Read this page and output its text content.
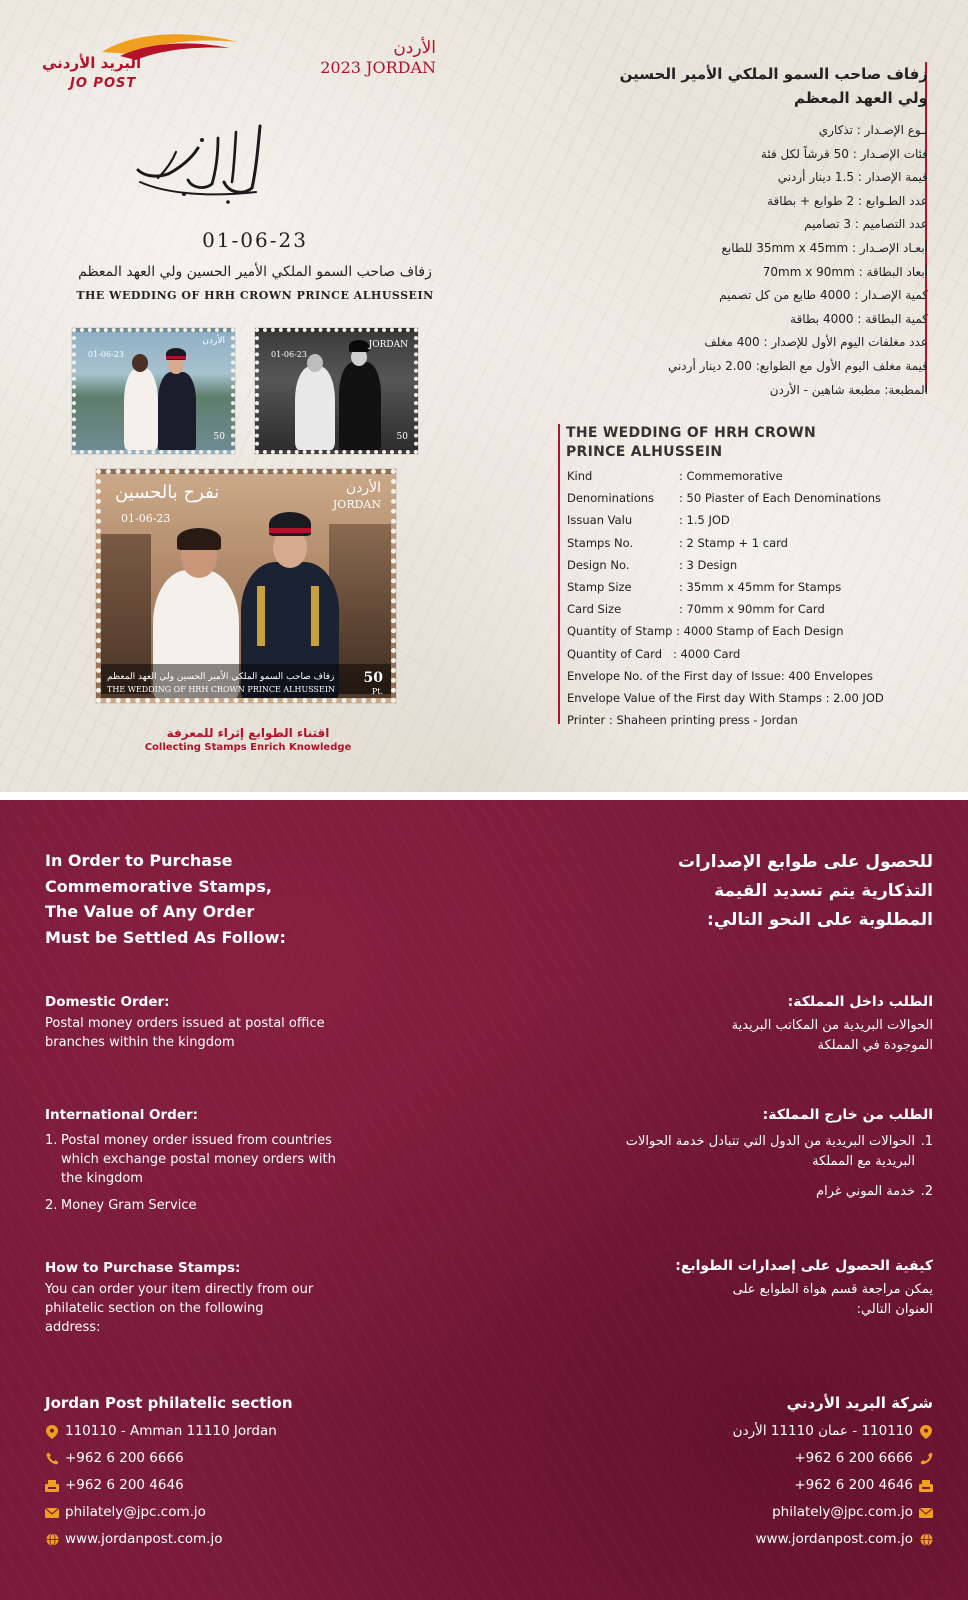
البريد الأردني
JO POST
الأردن
2023 JORDAN
01-06-23
زفاف صاحب السمو الملكي الأمير الحسين ولي العهد المعظم
THE WEDDING OF HRH CROWN PRINCE ALHUSSEIN
الأردن
01-06-23
50
JORDAN
01-06-23
50
نفرح بالحسين
01-06-23
الأردن
JORDAN
زفاف صاحب السمو الملكي الأمير الحسين ولي العهد المعظم
THE WEDDING OF HRH CROWN PRINCE ALHUSSEIN
50
Pt.
اقتناء الطوابع إثراء للمعرفة
Collecting Stamps Enrich Knowledge
زفاف صاحب السمو الملكي الأمير الحسين
ولي العهد المعظم
نـوع الإصـدار : تذكاري
فئات الإصـدار : 50 قرشاً لكل فئة
قيمة الإصدار : 1.5 دينار أردني
عدد الطـوابع : 2 طوابع + بطاقة
عدد التصاميم : 3 تصاميم
أبعـاد الإصـدار : 35mm x 45mm للطابع
أبعاد البطاقة : 70mm x 90mm
كمية الإصـدار : 4000 طابع من كل تصميم
كمية البطاقة : 4000 بطاقة
عدد مغلفات اليوم الأول للإصدار : 400 مغلف
قيمة مغلف اليوم الأول مع الطوابع: 2.00 دينار أردني
المطبعة: مطبعة شاهين - الأردن
THE WEDDING OF HRH CROWN
PRINCE ALHUSSEIN
Kind	: Commemorative
Denominations	: 50 Piaster of Each Denominations
Issuan Valu	: 1.5 JOD
Stamps No.	: 2 Stamp + 1 card
Design No.	: 3 Design
Stamp Size	: 35mm x 45mm for Stamps
Card Size	: 70mm x 90mm for Card
Quantity of Stamp : 4000 Stamp of Each Design
Quantity of Card   : 4000 Card
Envelope No. of the First day of Issue: 400 Envelopes
Envelope Value of the First day With Stamps : 2.00 JOD
Printer : Shaheen printing press - Jordan
In Order to Purchase
Commemorative Stamps,
The Value of Any Order
Must be Settled As Follow:
للحصول على طوابع الإصدارات
التذكارية يتم تسديد القيمة
المطلوبة على النحو التالي:
Domestic Order:
Postal money orders issued at postal office branches within the kingdom
الطلب داخل المملكة:
الحوالات البريدية من المكاتب البريدية
الموجودة في المملكة
International Order:
1. Postal money order issued from countries which exchange postal money orders with the kingdom
2. Money Gram Service
الطلب من خارج المملكة:
1.
الحوالات البريدية من الدول التي تتبادل خدمة الحوالات البريدية مع المملكة
2.
خدمة الموني غرام
How to Purchase Stamps:
You can order your item directly from our philatelic section on the following address:
كيفية الحصول على إصدارات الطوابع:
يمكن مراجعة قسم هواة الطوابع على العنوان التالي:
Jordan Post philatelic section
110110 - Amman 11110 Jordan
+962 6 200 6666
+962 6 200 4646
philately@jpc.com.jo
www.jordanpost.com.jo
شركة البريد الأردني
110110 - عمان 11110 الأردن
+962 6 200 6666
+962 6 200 4646
philately@jpc.com.jo
www.jordanpost.com.jo
